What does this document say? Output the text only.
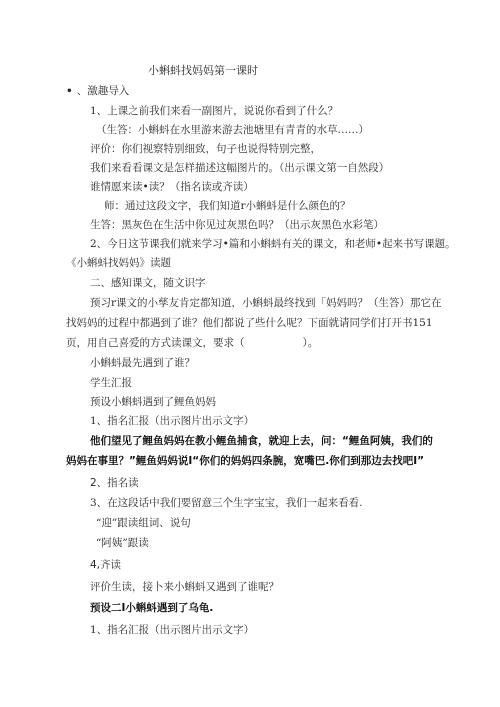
小蝌蚪找妈妈第一课时
• 、激趣导入
1、上课之前我们来看一副图片，说说你看到了什么？
（生答：小蝌蚪在水里游来游去池塘里有青青的水草……）
评价：你们视察特别细致，句子也说得特别完整，
我们来看看课文是怎样描述这幅图片的。（出示课文第一自然段）
谁情愿来读•读？（指名读或齐读）
师：通过这段文字，我们知道r小蝌蚪是什么颜色的？
生答：黑灰色在生活中你见过灰黑色吗？（出示灰黑色水彩笔）
2、今日这节课我们就来学习•篇和小蝌蚪有关的课文，和老师•起来书写课题。
《小蝌蚪找妈妈》读题
二、感知课文，随文识字
预习r课文的小孳友肯定都知道，小蝌蚪最终找到「妈妈吗？（生答）那它在
找妈妈的过程中都遇到了谁？他们都说了些什么呢？下面就请同学们打开书151
页，用自己喜爱的方式读课文，要求（	）。
小蝌蚪最先遇到了谁？
学生汇报
预设小蝌蚪遇到了鲤鱼妈妈
1、指名汇报（出示图片出示文字）
他们望见了鲤鱼妈妈在教小鲤鱼捕食，就迎上去，问：“鲤鱼阿姨，我们的
妈妈在事里？”鲤鱼妈妈说I“你们的妈妈四条腕，宽嘴巴.你们到那边去找吧I”
2、指名读
3、在这段话中我们要留意三个生字宝宝，我们一起来看看.
“迎”跟读组词、说句
“阿姨”跟读
4,齐读
评价生读，接卜来小蝌蚪又遇到了谁呢？
预设二I小蝌蚪遇到了乌龟.
1、指名汇报（出示图片出示文字）
